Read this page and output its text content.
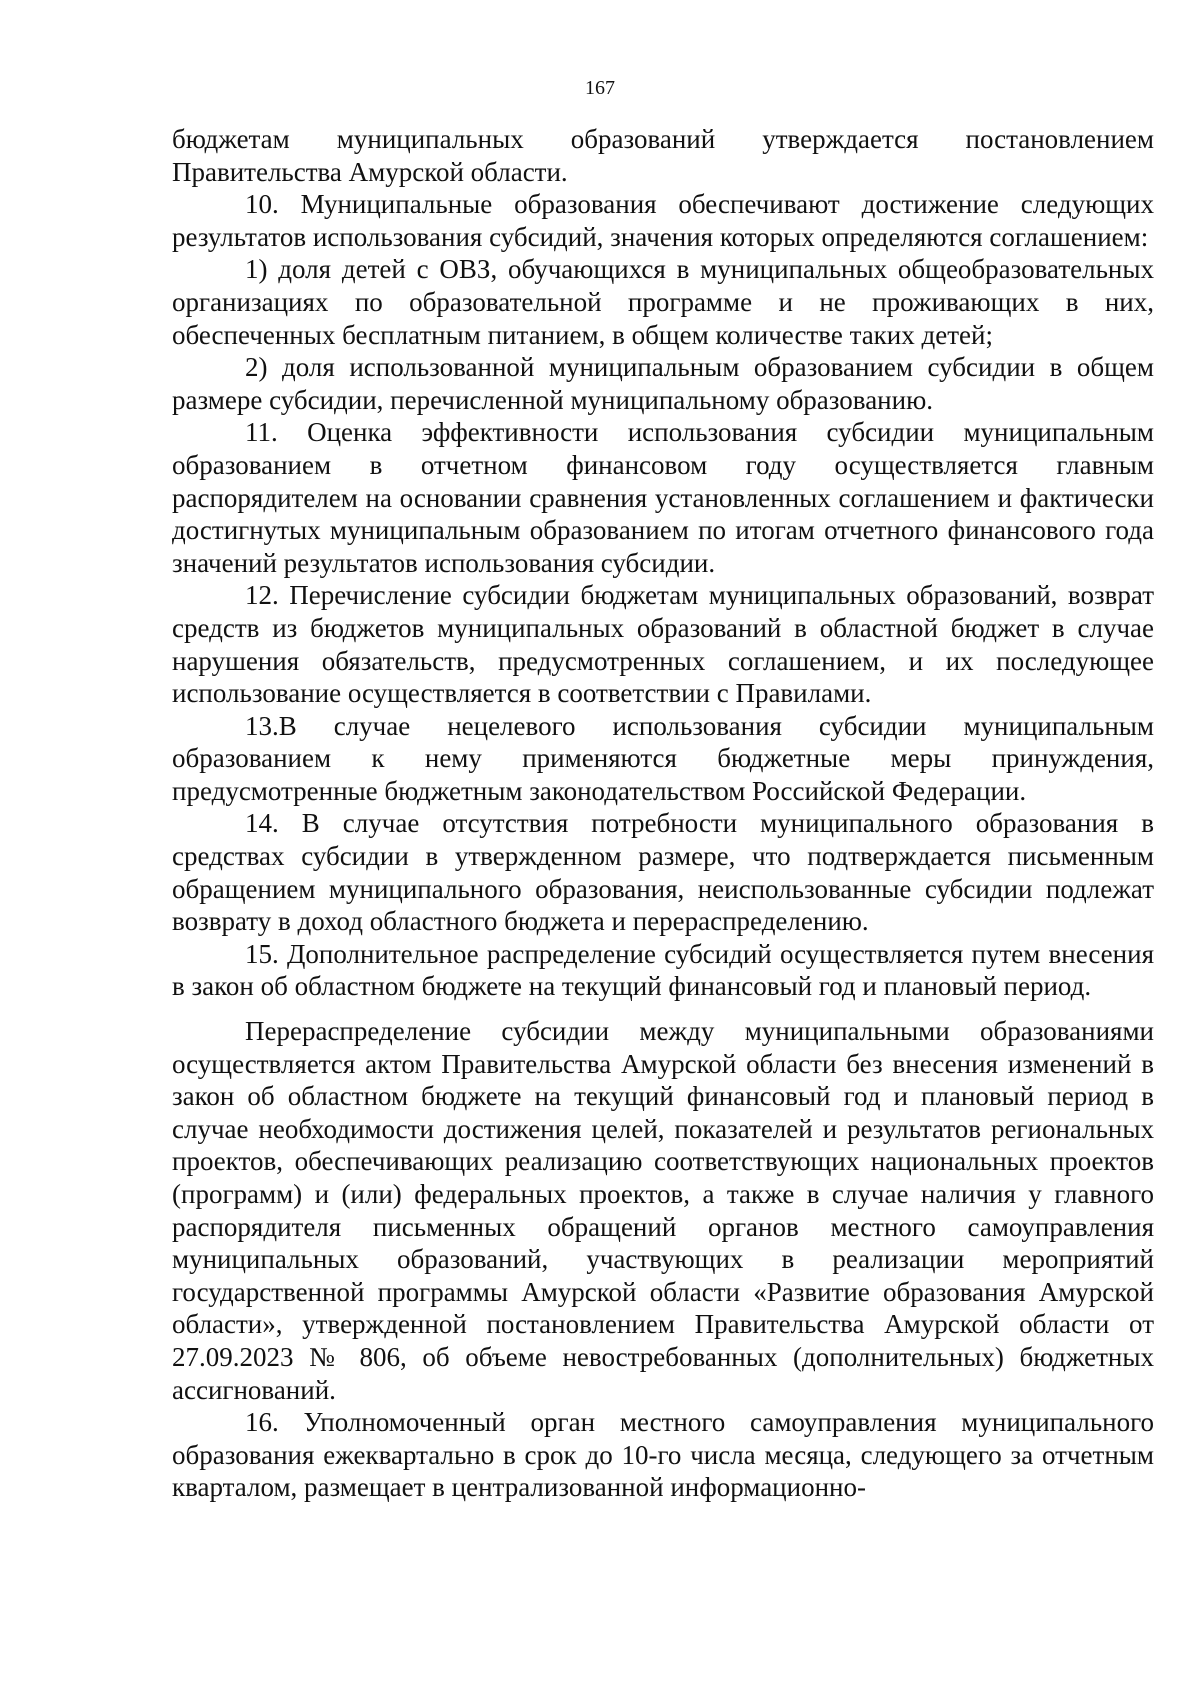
167

бюджетам муниципальных образований утверждается постановлением Правительства Амурской области.

10. Муниципальные образования обеспечивают достижение следующих результатов использования субсидий, значения которых определяются соглашением:

1) доля детей с ОВЗ, обучающихся в муниципальных общеобразовательных организациях по образовательной программе и не проживающих в них, обеспеченных бесплатным питанием, в общем количестве таких детей;

2) доля использованной муниципальным образованием субсидии в общем размере субсидии, перечисленной муниципальному образованию.

11. Оценка эффективности использования субсидии муниципальным образованием в отчетном финансовом году осуществляется главным распорядителем на основании сравнения установленных соглашением и фактически достигнутых муниципальным образованием по итогам отчетного финансового года значений результатов использования субсидии.

12. Перечисление субсидии бюджетам муниципальных образований, возврат средств из бюджетов муниципальных образований в областной бюджет в случае нарушения обязательств, предусмотренных соглашением, и их последующее использование осуществляется в соответствии с Правилами.

13.В случае нецелевого использования субсидии муниципальным образованием к нему применяются бюджетные меры принуждения, предусмотренные бюджетным законодательством Российской Федерации.

14. В случае отсутствия потребности муниципального образования в средствах субсидии в утвержденном размере, что подтверждается письменным обращением муниципального образования, неиспользованные субсидии подлежат возврату в доход областного бюджета и перераспределению.

15. Дополнительное распределение субсидий осуществляется путем внесения в закон об областном бюджете на текущий финансовый год и плановый период.

Перераспределение субсидии между муниципальными образованиями осуществляется актом Правительства Амурской области без внесения изменений в закон об областном бюджете на текущий финансовый год и плановый период в случае необходимости достижения целей, показателей и результатов региональных проектов, обеспечивающих реализацию соответствующих национальных проектов (программ) и (или) федеральных проектов, а также в случае наличия у главного распорядителя письменных обращений органов местного самоуправления муниципальных образований, участвующих в реализации мероприятий государственной программы Амурской области «Развитие образования Амурской области», утвержденной постановлением Правительства Амурской области от 27.09.2023 № 806, об объеме невостребованных (дополнительных) бюджетных ассигнований.

16. Уполномоченный орган местного самоуправления муниципального образования ежеквартально в срок до 10-го числа месяца, следующего за отчетным кварталом, размещает в централизованной информационно-
